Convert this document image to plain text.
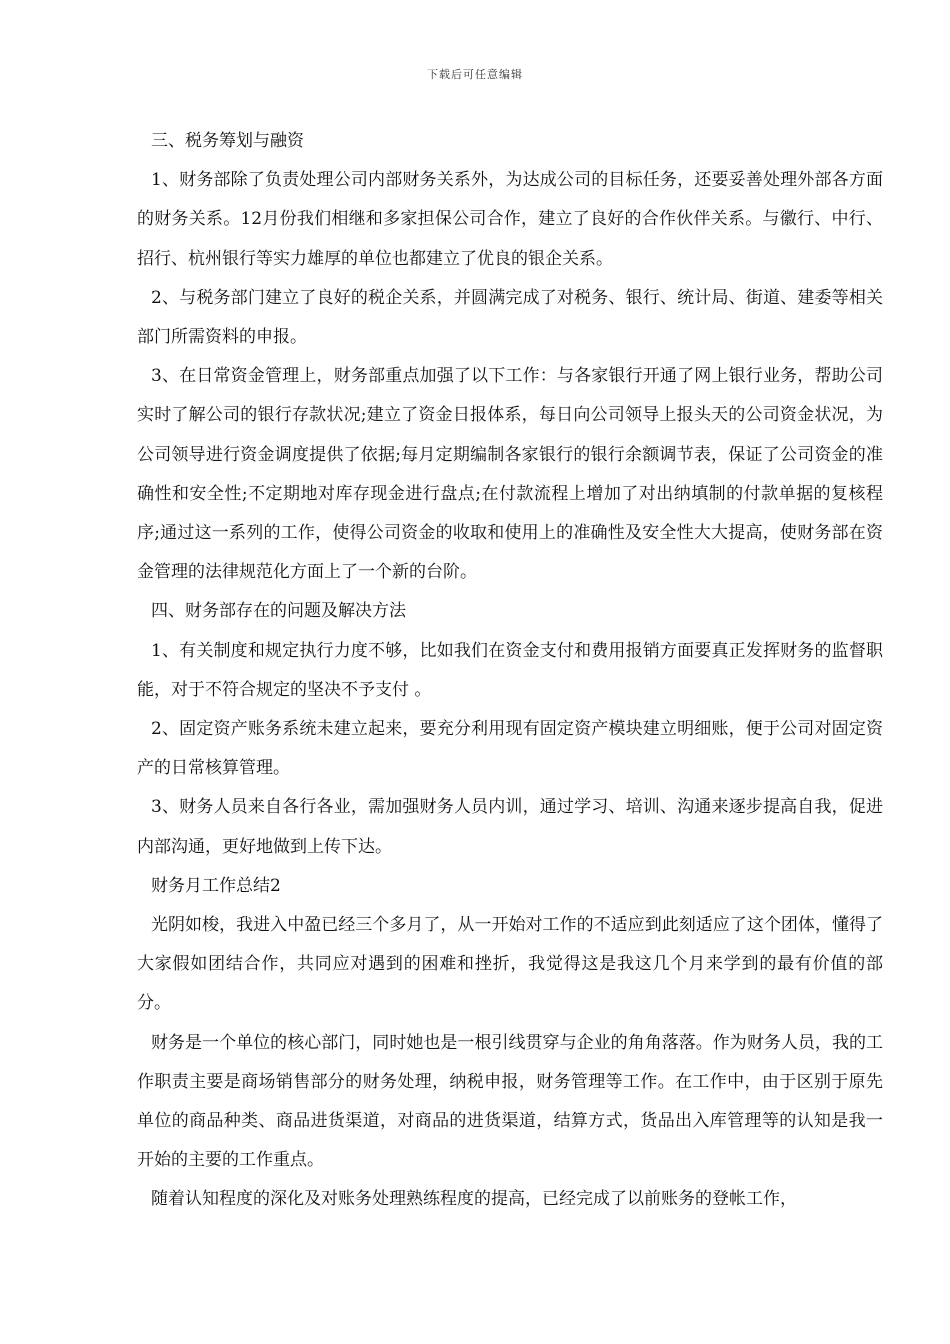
下载后可任意编辑

三、税务筹划与融资

1、财务部除了负责处理公司内部财务关系外，为达成公司的目标任务，还要妥善处理外部各方面的财务关系。12月份我们相继和多家担保公司合作，建立了良好的合作伙伴关系。与徽行、中行、招行、杭州银行等实力雄厚的单位也都建立了优良的银企关系。

2、与税务部门建立了良好的税企关系，并圆满完成了对税务、银行、统计局、街道、建委等相关部门所需资料的申报。

3、在日常资金管理上，财务部重点加强了以下工作：与各家银行开通了网上银行业务，帮助公司实时了解公司的银行存款状况;建立了资金日报体系，每日向公司领导上报头天的公司资金状况，为公司领导进行资金调度提供了依据;每月定期编制各家银行的银行余额调节表，保证了公司资金的准确性和安全性;不定期地对库存现金进行盘点;在付款流程上增加了对出纳填制的付款单据的复核程序;通过这一系列的工作，使得公司资金的收取和使用上的准确性及安全性大大提高，使财务部在资金管理的法律规范化方面上了一个新的台阶。

四、财务部存在的问题及解决方法

1、有关制度和规定执行力度不够，比如我们在资金支付和费用报销方面要真正发挥财务的监督职能，对于不符合规定的坚决不予支付 。

2、固定资产账务系统未建立起来，要充分利用现有固定资产模块建立明细账，便于公司对固定资产的日常核算管理。

3、财务人员来自各行各业，需加强财务人员内训，通过学习、培训、沟通来逐步提高自我，促进内部沟通，更好地做到上传下达。

财务月工作总结2

光阴如梭，我进入中盈已经三个多月了，从一开始对工作的不适应到此刻适应了这个团体，懂得了大家假如团结合作，共同应对遇到的困难和挫折，我觉得这是我这几个月来学到的最有价值的部分。

财务是一个单位的核心部门，同时她也是一根引线贯穿与企业的角角落落。作为财务人员，我的工作职责主要是商场销售部分的财务处理，纳税申报，财务管理等工作。在工作中，由于区别于原先单位的商品种类、商品进货渠道，对商品的进货渠道，结算方式，货品出入库管理等的认知是我一开始的主要的工作重点。

随着认知程度的深化及对账务处理熟练程度的提高，已经完成了以前账务的登帐工作，
